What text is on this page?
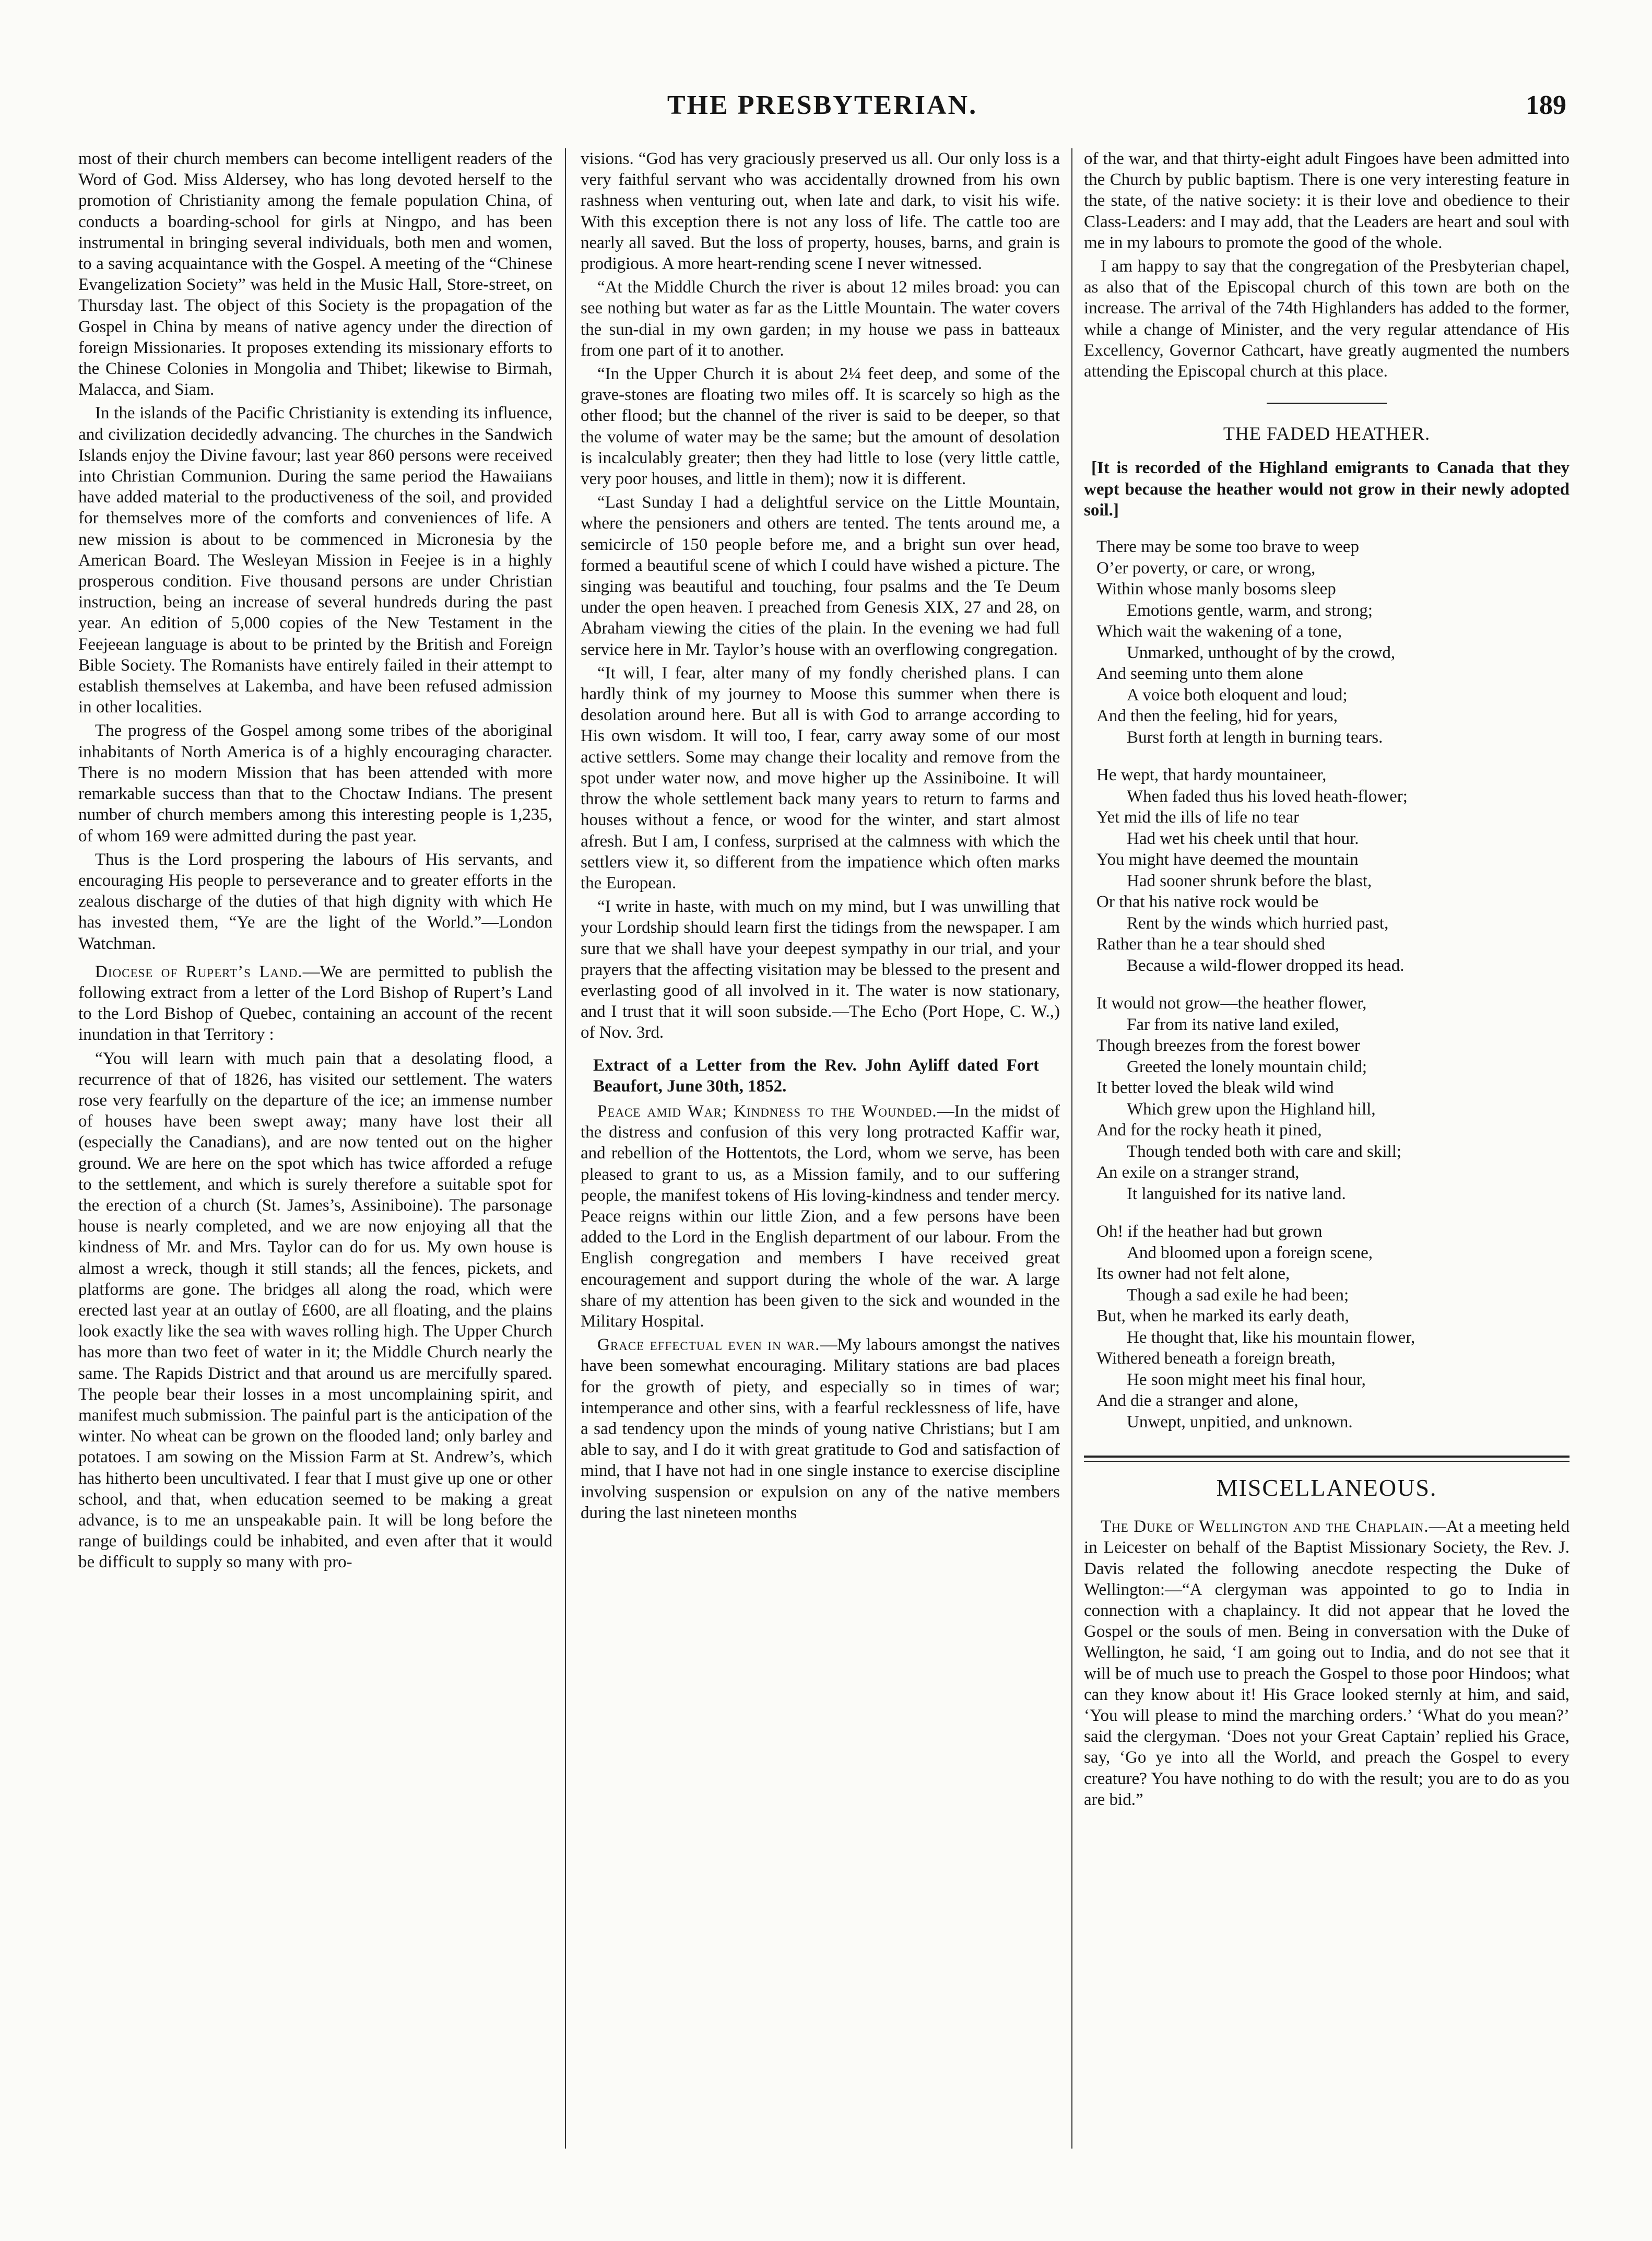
THE PRESBYTERIAN.	189

most of their church members can become intelligent readers of the Word of God. Miss Aldersey, who has long devoted herself to the promotion of Christianity among the female population China, of conducts a boarding-school for girls at Ningpo, and has been instrumental in bringing several individuals, both men and women, to a saving acquaintance with the Gospel. A meeting of the “Chinese Evangelization Society” was held in the Music Hall, Store-street, on Thursday last. The object of this Society is the propagation of the Gospel in China by means of native agency under the direction of foreign Missionaries. It proposes extending its missionary efforts to the Chinese Colonies in Mongolia and Thibet; likewise to Birmah, Malacca, and Siam.

In the islands of the Pacific Christianity is extending its influence, and civilization decidedly advancing. The churches in the Sandwich Islands enjoy the Divine favour; last year 860 persons were received into Christian Communion. During the same period the Hawaiians have added material to the productiveness of the soil, and provided for themselves more of the comforts and conveniences of life. A new mission is about to be commenced in Micronesia by the American Board. The Wesleyan Mission in Feejee is in a highly prosperous condition. Five thousand persons are under Christian instruction, being an increase of several hundreds during the past year. An edition of 5,000 copies of the New Testament in the Feejeean language is about to be printed by the British and Foreign Bible Society. The Romanists have entirely failed in their attempt to establish themselves at Lakemba, and have been refused admission in other localities.

The progress of the Gospel among some tribes of the aboriginal inhabitants of North America is of a highly encouraging character. There is no modern Mission that has been attended with more remarkable success than that to the Choctaw Indians. The present number of church members among this interesting people is 1,235, of whom 169 were admitted during the past year.

Thus is the Lord prospering the labours of His servants, and encouraging His people to perseverance and to greater efforts in the zealous discharge of the duties of that high dignity with which He has invested them, “Ye are the light of the World.”—London Watchman.

Diocese of Rupert’s Land.—We are permitted to publish the following extract from a letter of the Lord Bishop of Rupert’s Land to the Lord Bishop of Quebec, containing an account of the recent inundation in that Territory :

“You will learn with much pain that a desolating flood, a recurrence of that of 1826, has visited our settlement. The waters rose very fearfully on the departure of the ice; an immense number of houses have been swept away; many have lost their all (especially the Canadians), and are now tented out on the higher ground. We are here on the spot which has twice afforded a refuge to the settlement, and which is surely therefore a suitable spot for the erection of a church (St. James’s, Assiniboine). The parsonage house is nearly completed, and we are now enjoying all that the kindness of Mr. and Mrs. Taylor can do for us. My own house is almost a wreck, though it still stands; all the fences, pickets, and platforms are gone. The bridges all along the road, which were erected last year at an outlay of £600, are all floating, and the plains look exactly like the sea with waves rolling high. The Upper Church has more than two feet of water in it; the Middle Church nearly the same. The Rapids District and that around us are mercifully spared. The people bear their losses in a most uncomplaining spirit, and manifest much submission. The painful part is the anticipation of the winter. No wheat can be grown on the flooded land; only barley and potatoes. I am sowing on the Mission Farm at St. Andrew’s, which has hitherto been uncultivated. I fear that I must give up one or other school, and that, when education seemed to be making a great advance, is to me an unspeakable pain. It will be long before the range of buildings could be inhabited, and even after that it would be difficult to supply so many with pro-

visions. “God has very graciously preserved us all. Our only loss is a very faithful servant who was accidentally drowned from his own rashness when venturing out, when late and dark, to visit his wife. With this exception there is not any loss of life. The cattle too are nearly all saved. But the loss of property, houses, barns, and grain is prodigious. A more heart-rending scene I never witnessed.

“At the Middle Church the river is about 12 miles broad: you can see nothing but water as far as the Little Mountain. The water covers the sun-dial in my own garden; in my house we pass in batteaux from one part of it to another.

“In the Upper Church it is about 2¼ feet deep, and some of the grave-stones are floating two miles off. It is scarcely so high as the other flood; but the channel of the river is said to be deeper, so that the volume of water may be the same; but the amount of desolation is incalculably greater; then they had little to lose (very little cattle, very poor houses, and little in them); now it is different.

“Last Sunday I had a delightful service on the Little Mountain, where the pensioners and others are tented. The tents around me, a semicircle of 150 people before me, and a bright sun over head, formed a beautiful scene of which I could have wished a picture. The singing was beautiful and touching, four psalms and the Te Deum under the open heaven. I preached from Genesis XIX, 27 and 28, on Abraham viewing the cities of the plain. In the evening we had full service here in Mr. Taylor’s house with an overflowing congregation.

“It will, I fear, alter many of my fondly cherished plans. I can hardly think of my journey to Moose this summer when there is desolation around here. But all is with God to arrange according to His own wisdom. It will too, I fear, carry away some of our most active settlers. Some may change their locality and remove from the spot under water now, and move higher up the Assiniboine. It will throw the whole settlement back many years to return to farms and houses without a fence, or wood for the winter, and start almost afresh. But I am, I confess, surprised at the calmness with which the settlers view it, so different from the impatience which often marks the European.

“I write in haste, with much on my mind, but I was unwilling that your Lordship should learn first the tidings from the newspaper. I am sure that we shall have your deepest sympathy in our trial, and your prayers that the affecting visitation may be blessed to the present and everlasting good of all involved in it. The water is now stationary, and I trust that it will soon subside.—The Echo (Port Hope, C. W.,) of Nov. 3rd.

Extract of a Letter from the Rev. John Ayliff dated Fort Beaufort, June 30th, 1852.

Peace amid War; Kindness to the Wounded.—In the midst of the distress and confusion of this very long protracted Kaffir war, and rebellion of the Hottentots, the Lord, whom we serve, has been pleased to grant to us, as a Mission family, and to our suffering people, the manifest tokens of His loving-kindness and tender mercy. Peace reigns within our little Zion, and a few persons have been added to the Lord in the English department of our labour. From the English congregation and members I have received great encouragement and support during the whole of the war. A large share of my attention has been given to the sick and wounded in the Military Hospital.

Grace effectual even in war.—My labours amongst the natives have been somewhat encouraging. Military stations are bad places for the growth of piety, and especially so in times of war; intemperance and other sins, with a fearful recklessness of life, have a sad tendency upon the minds of young native Christians; but I am able to say, and I do it with great gratitude to God and satisfaction of mind, that I have not had in one single instance to exercise discipline involving suspension or expulsion on any of the native members during the last nineteen months

of the war, and that thirty-eight adult Fingoes have been admitted into the Church by public baptism. There is one very interesting feature in the state, of the native society: it is their love and obedience to their Class-Leaders: and I may add, that the Leaders are heart and soul with me in my labours to promote the good of the whole.

I am happy to say that the congregation of the Presbyterian chapel, as also that of the Episcopal church of this town are both on the increase. The arrival of the 74th Highlanders has added to the former, while a change of Minister, and the very regular attendance of His Excellency, Governor Cathcart, have greatly augmented the numbers attending the Episcopal church at this place.

THE FADED HEATHER.

[It is recorded of the Highland emigrants to Canada that they wept because the heather would not grow in their newly adopted soil.]

There may be some too brave to weep
O’er poverty, or care, or wrong,
Within whose manly bosoms sleep
Emotions gentle, warm, and strong;
Which wait the wakening of a tone,
Unmarked, unthought of by the crowd,
And seeming unto them alone
A voice both eloquent and loud;
And then the feeling, hid for years,
Burst forth at length in burning tears.
He wept, that hardy mountaineer,
When faded thus his loved heath-flower;
Yet mid the ills of life no tear
Had wet his cheek until that hour.
You might have deemed the mountain
Had sooner shrunk before the blast,
Or that his native rock would be
Rent by the winds which hurried past,
Rather than he a tear should shed
Because a wild-flower dropped its head.
It would not grow—the heather flower,
Far from its native land exiled,
Though breezes from the forest bower
Greeted the lonely mountain child;
It better loved the bleak wild wind
Which grew upon the Highland hill,
And for the rocky heath it pined,
Though tended both with care and skill;
An exile on a stranger strand,
It languished for its native land.
Oh! if the heather had but grown
And bloomed upon a foreign scene,
Its owner had not felt alone,
Though a sad exile he had been;
But, when he marked its early death,
He thought that, like his mountain flower,
Withered beneath a foreign breath,
He soon might meet his final hour,
And die a stranger and alone,
Unwept, unpitied, and unknown.
MISCELLANEOUS.

The Duke of Wellington and the Chaplain.—At a meeting held in Leicester on behalf of the Baptist Missionary Society, the Rev. J. Davis related the following anecdote respecting the Duke of Wellington:—“A clergyman was appointed to go to India in connection with a chaplaincy. It did not appear that he loved the Gospel or the souls of men. Being in conversation with the Duke of Wellington, he said, ‘I am going out to India, and do not see that it will be of much use to preach the Gospel to those poor Hindoos; what can they know about it! His Grace looked sternly at him, and said, ‘You will please to mind the marching orders.’ ‘What do you mean?’ said the clergyman. ‘Does not your Great Captain’ replied his Grace, say, ‘Go ye into all the World, and preach the Gospel to every creature? You have nothing to do with the result; you are to do as you are bid.”
